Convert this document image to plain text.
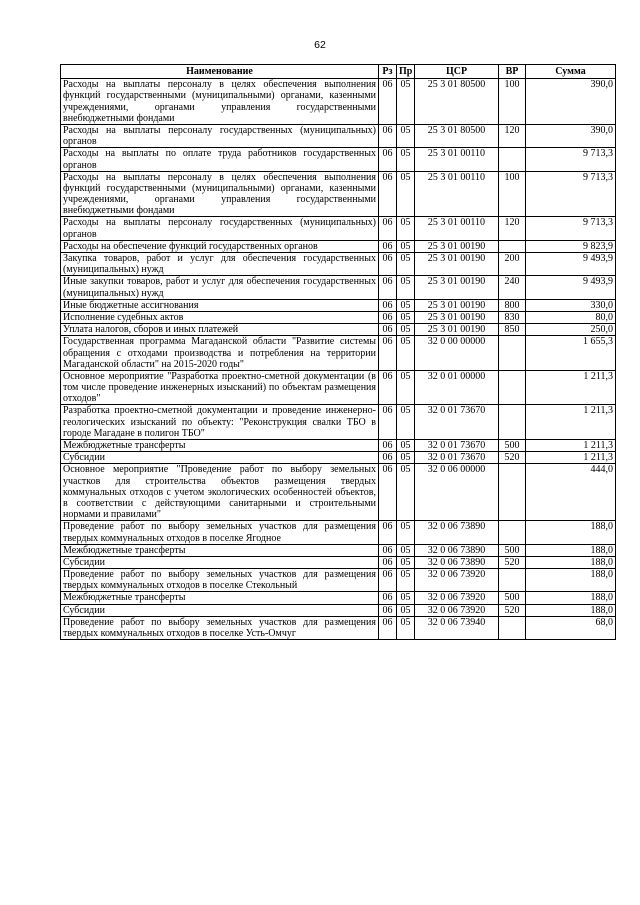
62
Наименование	Рз	Пр	ЦСР	ВР	Сумма
Расходы на выплаты персоналу в целях обеспечения выполнения функций государственными (муниципальными) органами, казенными учреждениями, органами управления государственными внебюджетными фондами	06	05	25 3 01 80500	100	390,0
Расходы на выплаты персоналу государственных (муниципальных) органов	06	05	25 3 01 80500	120	390,0
Расходы на выплаты по оплате труда работников государственных органов	06	05	25 3 01 00110		9 713,3
Расходы на выплаты персоналу в целях обеспечения выполнения функций государственными (муниципальными) органами, казенными учреждениями, органами управления государственными внебюджетными фондами	06	05	25 3 01 00110	100	9 713,3
Расходы на выплаты персоналу государственных (муниципальных) органов	06	05	25 3 01 00110	120	9 713,3
Расходы на обеспечение функций государственных органов	06	05	25 3 01 00190		9 823,9
Закупка товаров, работ и услуг для обеспечения государственных (муниципальных) нужд	06	05	25 3 01 00190	200	9 493,9
Иные закупки товаров, работ и услуг для обеспечения государственных (муниципальных) нужд	06	05	25 3 01 00190	240	9 493,9
Иные бюджетные ассигнования	06	05	25 3 01 00190	800	330,0
Исполнение судебных актов	06	05	25 3 01 00190	830	80,0
Уплата налогов, сборов и иных платежей	06	05	25 3 01 00190	850	250,0
Государственная программа Магаданской области "Развитие системы обращения с отходами производства и потребления на территории Магаданской области" на 2015-2020 годы"	06	05	32 0 00 00000		1 655,3
Основное мероприятие "Разработка проектно-сметной документации (в том числе проведение инженерных изысканий) по объектам размещения отходов"	06	05	32 0 01 00000		1 211,3
Разработка проектно-сметной документации и проведение инженерно-геологических изысканий по объекту: "Реконструкция свалки ТБО в городе Магадане в полигон ТБО"	06	05	32 0 01 73670		1 211,3
Межбюджетные трансферты	06	05	32 0 01 73670	500	1 211,3
Субсидии	06	05	32 0 01 73670	520	1 211,3
Основное мероприятие "Проведение работ по выбору земельных участков для строительства объектов размещения твердых коммунальных отходов с учетом экологических особенностей объектов, в соответствии с действующими санитарными и строительными нормами и правилами"	06	05	32 0 06 00000		444,0
Проведение работ по выбору земельных участков для размещения твердых коммунальных отходов в поселке Ягодное	06	05	32 0 06 73890		188,0
Межбюджетные трансферты	06	05	32 0 06 73890	500	188,0
Субсидии	06	05	32 0 06 73890	520	188,0
Проведение работ по выбору земельных участков для размещения твердых коммунальных отходов в поселке Стекольный	06	05	32 0 06 73920		188,0
Межбюджетные трансферты	06	05	32 0 06 73920	500	188,0
Субсидии	06	05	32 0 06 73920	520	188,0
Проведение работ по выбору земельных участков для размещения твердых коммунальных отходов в поселке Усть-Омчуг	06	05	32 0 06 73940		68,0
